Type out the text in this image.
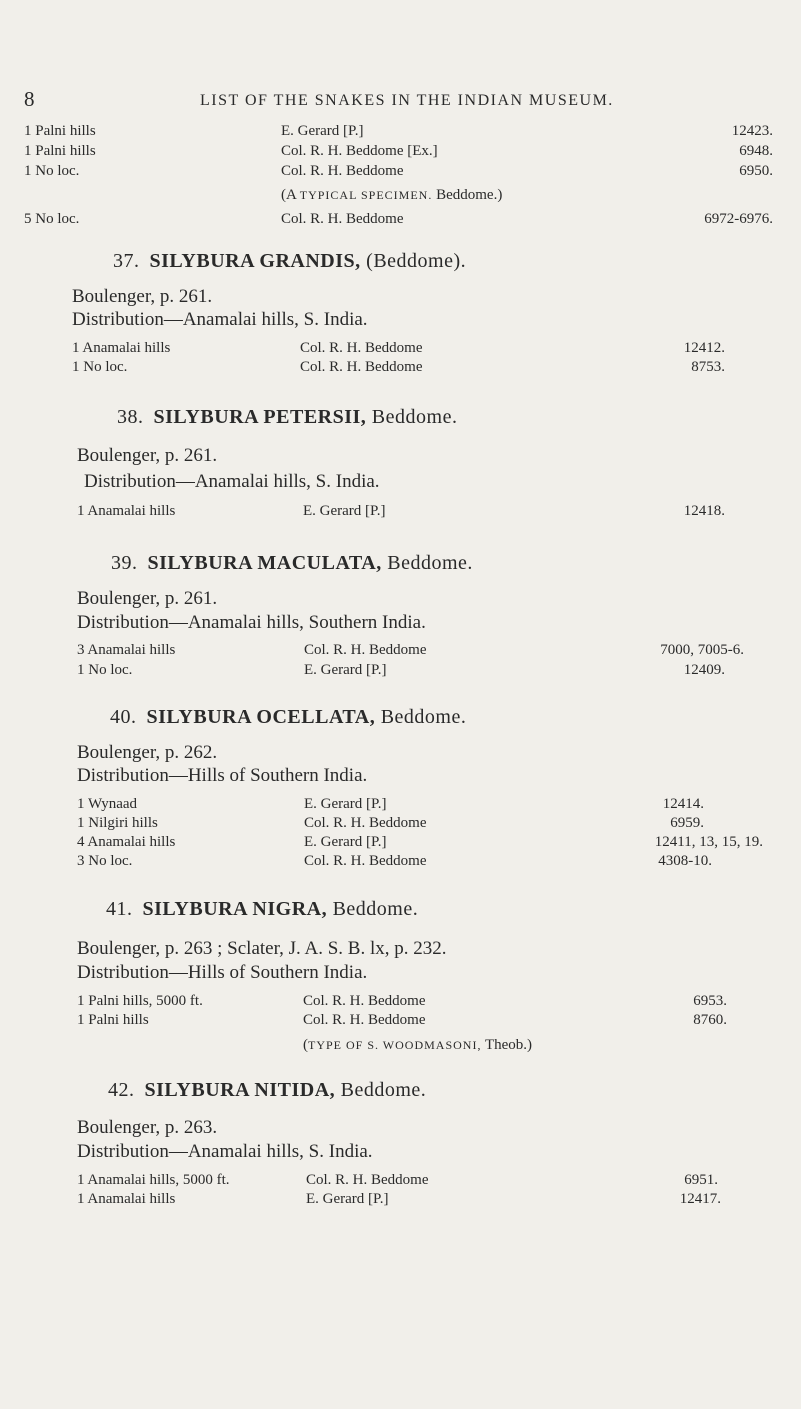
8	LIST OF THE SNAKES IN THE INDIAN MUSEUM.
1 Palni hills	E. Gerard [P.]	12423.
1 Palni hills	Col. R. H. Beddome [Ex.]	6948.
1 No loc.	Col. R. H. Beddome	6950.
(A TYPICAL SPECIMEN. Beddome.)
5 No loc.	Col. R. H. Beddome	6972-6976.
37. SILYBURA GRANDIS, (Beddome).
Boulenger, p. 261.
Distribution—Anamalai hills, S. India.
1 Anamalai hills	Col. R. H. Beddome	12412.
1 No loc.	Col. R. H. Beddome	8753.
38. SILYBURA PETERSII, Beddome.
Boulenger, p. 261.
Distribution—Anamalai hills, S. India.
1 Anamalai hills	E. Gerard [P.]	12418.
39. SILYBURA MACULATA, Beddome.
Boulenger, p. 261.
Distribution—Anamalai hills, Southern India.
3 Anamalai hills	Col. R. H. Beddome	7000, 7005-6.
1 No loc.	E. Gerard [P.]	12409.
40. SILYBURA OCELLATA, Beddome.
Boulenger, p. 262.
Distribution—Hills of Southern India.
1 Wynaad	E. Gerard [P.]	12414.
1 Nilgiri hills	Col. R. H. Beddome	6959.
4 Anamalai hills	E. Gerard [P.]	12411, 13, 15, 19.
3 No loc.	Col. R. H. Beddome	4308-10.
41. SILYBURA NIGRA, Beddome.
Boulenger, p. 263 ; Sclater, J. A. S. B. lx, p. 232.
Distribution—Hills of Southern India.
1 Palni hills, 5000 ft.	Col. R. H. Beddome	6953.
1 Palni hills	Col. R. H. Beddome	8760.
(TYPE OF S. WOODMASONI, Theob.)
42. SILYBURA NITIDA, Beddome.
Boulenger, p. 263.
Distribution—Anamalai hills, S. India.
1 Anamalai hills, 5000 ft.	Col. R. H. Beddome	6951.
1 Anamalai hills	E. Gerard [P.]	12417.
